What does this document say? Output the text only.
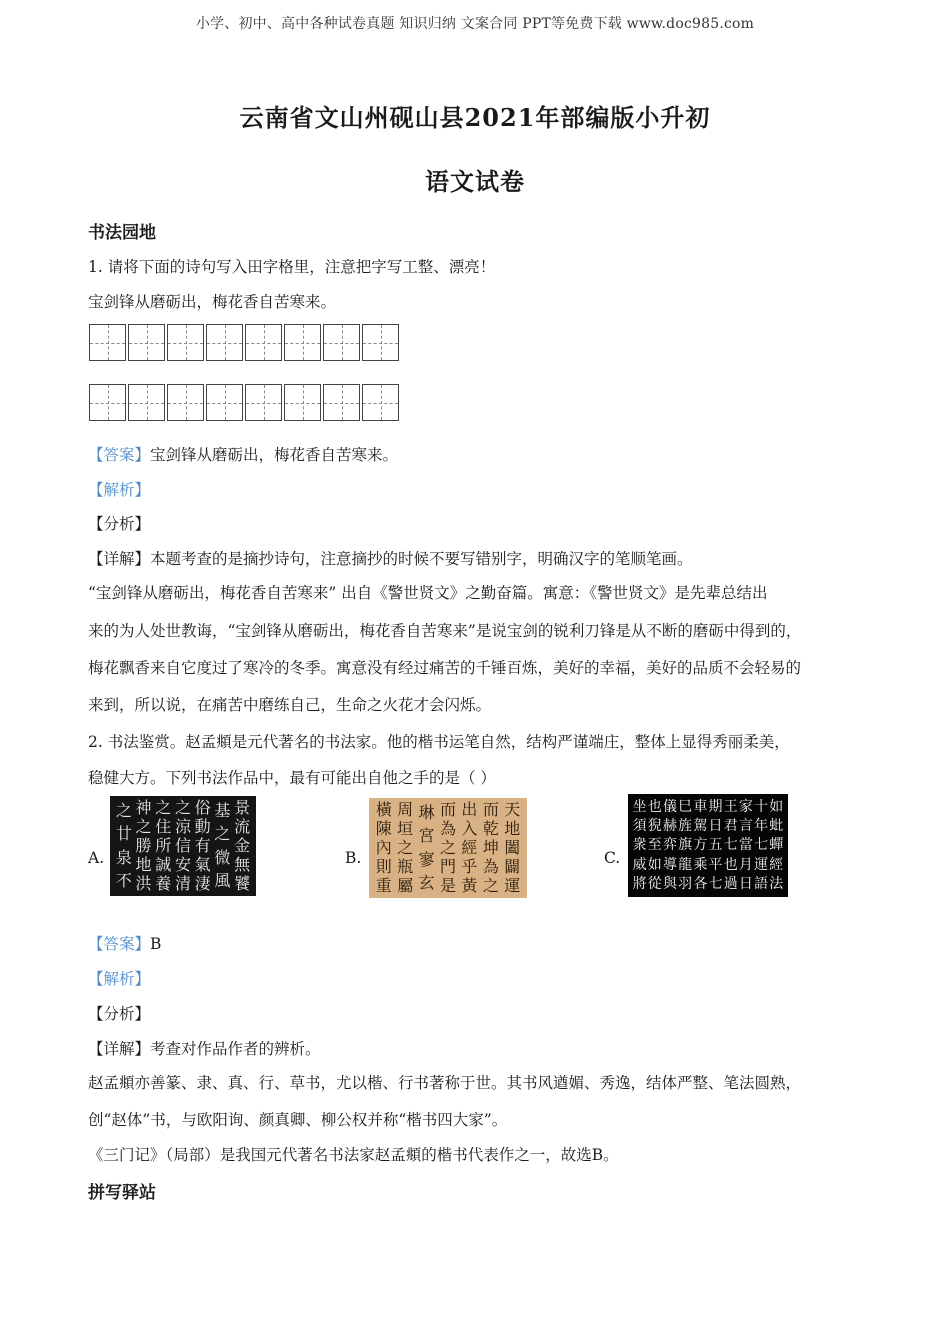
小学、初中、高中各种试卷真题 知识归纳 文案合同 PPT等免费下载 www.doc985.com
云南省文山州砚山县2021年部编版小升初
语文试卷
书法园地
1. 请将下面的诗句写入田字格里，注意把字写工整、漂亮！
宝剑锋从磨砺出，梅花香自苦寒来。
【答案】宝剑锋从磨砺出，梅花香自苦寒来。
【解析】
【分析】
【详解】本题考查的是摘抄诗句，注意摘抄的时候不要写错别字，明确汉字的笔顺笔画。
“宝剑锋从磨砺出，梅花香自苦寒来” 出自《警世贤文》之勤奋篇。寓意：《警世贤文》是先辈总结出
来的为人处世教诲，“宝剑锋从磨砺出，梅花香自苦寒来”是说宝剑的锐利刀锋是从不断的磨砺中得到的，
梅花飘香来自它度过了寒冷的冬季。寓意没有经过痛苦的千锤百炼，美好的幸福，美好的品质不会轻易的
来到，所以说，在痛苦中磨练自己，生命之火花才会闪烁。
2. 书法鉴赏。赵孟頫是元代著名的书法家。他的楷书运笔自然，结构严谨端庄，整体上显得秀丽柔美，
稳健大方。下列书法作品中，最有可能出自他之手的是（ ）
A.
景
流
金
無
饕
基
之
微
風
俗
動
有
氣
淒
之
涼
信
安
清
之
住
所
誠
養
神
之
勝
地
洪
之
廿
泉
不
B.
天
地
闔
闢
運
而
乾
坤
為
之
出
入
經
乎
黃
而
為
之
門
是
琳
宮
寥
玄
周
垣
之
瓶
屬
橫
陳
內
則
重
C.
如
蚍
蟬
經
法
十
年
七
運
語
家
言
當
月
日
王
君
七
也
過
期
日
五
平
七
車
駕
方
乘
各
巳
旌
旗
龍
羽
儀
赫
弈
導
與
也
猊
至
如
從
坐
須
衆
威
將
【答案】B
【解析】
【分析】
【详解】考查对作品作者的辨析。
赵孟頫亦善篆、隶、真、行、草书，尤以楷、行书著称于世。其书风遒媚、秀逸，结体严整、笔法圆熟，
创“赵体”书，与欧阳询、颜真卿、柳公权并称“楷书四大家”。
《三门记》（局部）是我国元代著名书法家赵孟頫的楷书代表作之一，故选B。
拼写驿站
